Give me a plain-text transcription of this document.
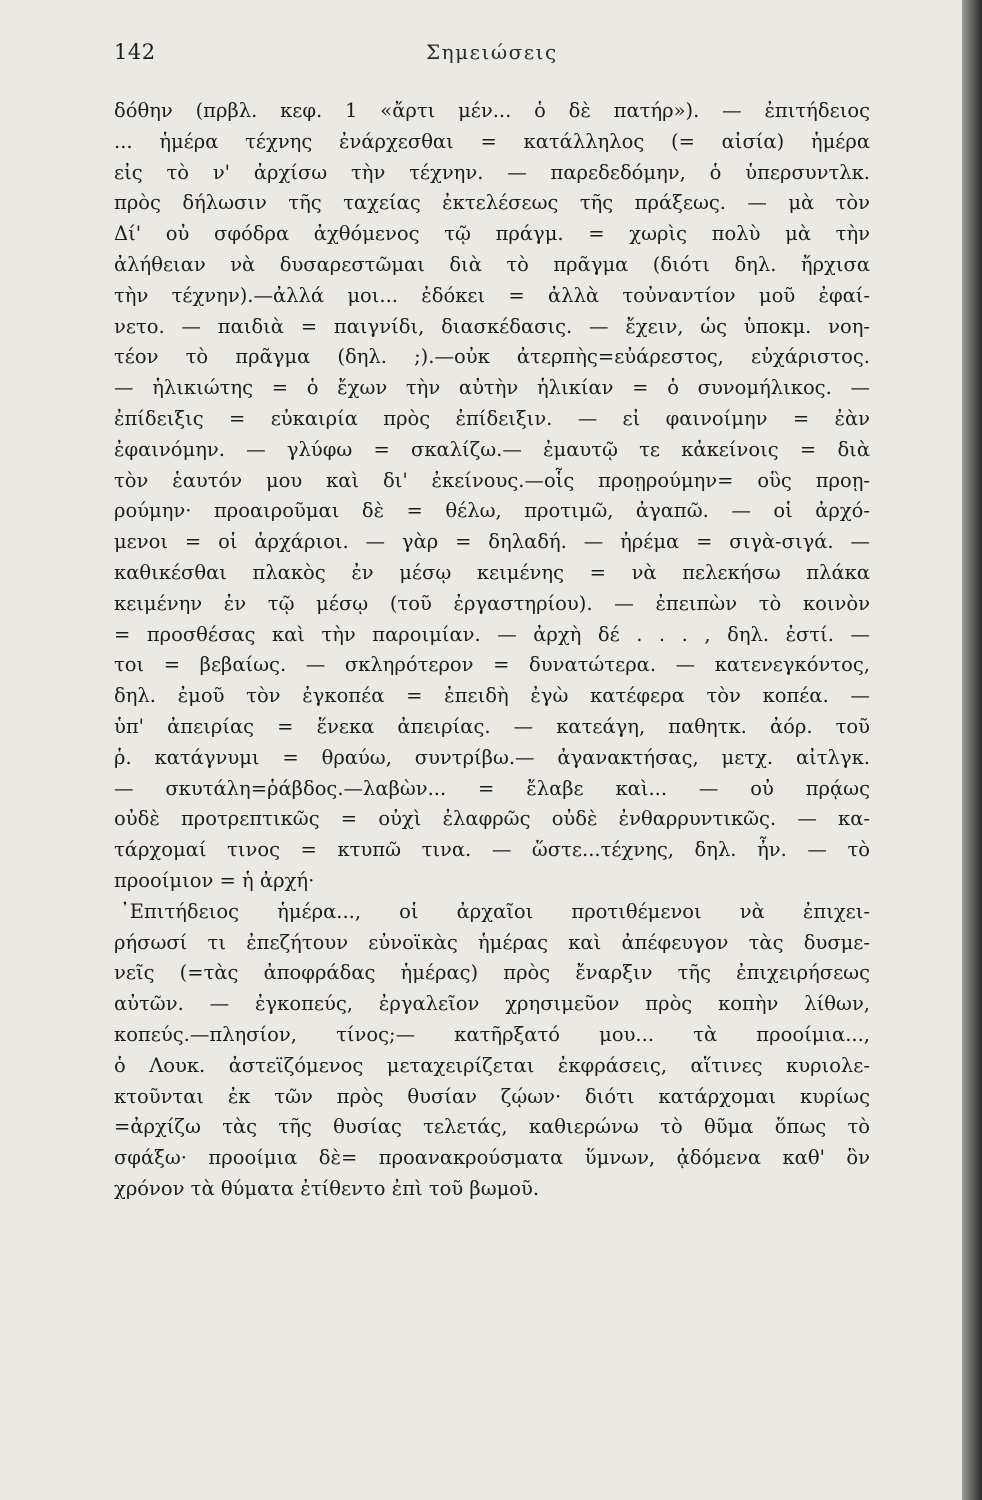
142	Σημειώσεις
δόθην (πρβλ. κεφ. 1 «ἄρτι μέν... ὁ δὲ πατήρ»). — ἐπιτήδειος
... ἡμέρα τέχνης ἐνάρχεσθαι = κατάλληλος (= αἰσία) ἡμέρα
εἰς τὸ ν' ἀρχίσω τὴν τέχνην. — παρεδεδόμην, ὁ ὑπερσυντλκ.
πρὸς δήλωσιν τῆς ταχείας ἐκτελέσεως τῆς πράξεως. — μὰ τὸν
Δί' οὐ σφόδρα ἀχθόμενος τῷ πράγμ. = χωρὶς πολὺ μὰ τὴν
ἀλήθειαν νὰ δυσαρεστῶμαι διὰ τὸ πρᾶγμα (διότι δηλ. ἤρχισα
τὴν τέχνην).—ἀλλά μοι... ἐδόκει = ἀλλὰ τοὐναντίον μοῦ ἐφαί-
νετο. — παιδιὰ = παιγνίδι, διασκέδασις. — ἔχειν, ὡς ὑποκμ. νοη-
τέον τὸ πρᾶγμα (δηλ. ;).—οὐκ ἀτερπὴς=εὐάρεστος, εὐχάριστος.
— ἡλικιώτης = ὁ ἔχων τὴν αὐτὴν ἡλικίαν = ὁ συνομήλικος. —
ἐπίδειξις = εὐκαιρία πρὸς ἐπίδειξιν. — εἰ φαινοίμην = ἐὰν
ἐφαινόμην. — γλύφω = σκαλίζω.— ἐμαυτῷ τε κἀκείνοις = διὰ
τὸν ἑαυτόν μου καὶ δι' ἐκείνους.—οἷς προῃρούμην= οὓς προῃ-
ρούμην· προαιροῦμαι δὲ = θέλω, προτιμῶ, ἀγαπῶ. — οἱ ἀρχό-
μενοι = οἱ ἀρχάριοι. — γὰρ = δηλαδή. — ἠρέμα = σιγὰ-σιγά. —
καθικέσθαι πλακὸς ἐν μέσῳ κειμένης = νὰ πελεκήσω πλάκα
κειμένην ἐν τῷ μέσῳ (τοῦ ἐργαστηρίου). — ἐπειπὼν τὸ κοινὸν
= προσθέσας καὶ τὴν παροιμίαν. — ἀρχὴ δέ . . . , δηλ. ἐστί. —
τοι = βεβαίως. — σκληρότερον = δυνατώτερα. — κατενεγκόντος,
δηλ. ἐμοῦ τὸν ἐγκοπέα = ἐπειδὴ ἐγὼ κατέφερα τὸν κοπέα. —
ὑπ' ἀπειρίας = ἕνεκα ἀπειρίας. — κατεάγη, παθητκ. ἀόρ. τοῦ
ῥ. κατάγνυμι = θραύω, συντρίβω.— ἀγανακτήσας, μετχ. αἰτλγκ.
— σκυτάλη=ῥάβδος.—λαβὼν... = ἔλαβε καὶ... — οὐ πρᾴως
οὐδὲ προτρεπτικῶς = οὐχὶ ἐλαφρῶς οὐδὲ ἐνθαρρυντικῶς. — κα-
τάρχομαί τινος = κτυπῶ τινα. — ὥστε...τέχνης, δηλ. ἦν. — τὸ
προοίμιον = ἡ ἀρχή·
᾽Επιτήδειος ἡμέρα..., οἱ ἀρχαῖοι προτιθέμενοι νὰ ἐπιχει-
ρήσωσί τι ἐπεζήτουν εὐνοϊκὰς ἡμέρας καὶ ἀπέφευγον τὰς δυσμε-
νεῖς (=τὰς ἀποφράδας ἡμέρας) πρὸς ἔναρξιν τῆς ἐπιχειρήσεως
αὐτῶν. — ἐγκοπεύς, ἐργαλεῖον χρησιμεῦον πρὸς κοπὴν λίθων,
κοπεύς.—πλησίον, τίνος;— κατῆρξατό μου... τὰ προοίμια...,
ὁ Λουκ. ἀστεϊζόμενος μεταχειρίζεται ἐκφράσεις, αἵτινες κυριολε-
κτοῦνται ἐκ τῶν πρὸς θυσίαν ζῴων· διότι κατάρχομαι κυρίως
=ἀρχίζω τὰς τῆς θυσίας τελετάς, καθιερώνω τὸ θῦμα ὅπως τὸ
σφάξω· προοίμια δὲ= προανακρούσματα ὕμνων, ᾀδόμενα καθ' ὃν
χρόνον τὰ θύματα ἐτίθεντο ἐπὶ τοῦ βωμοῦ.
